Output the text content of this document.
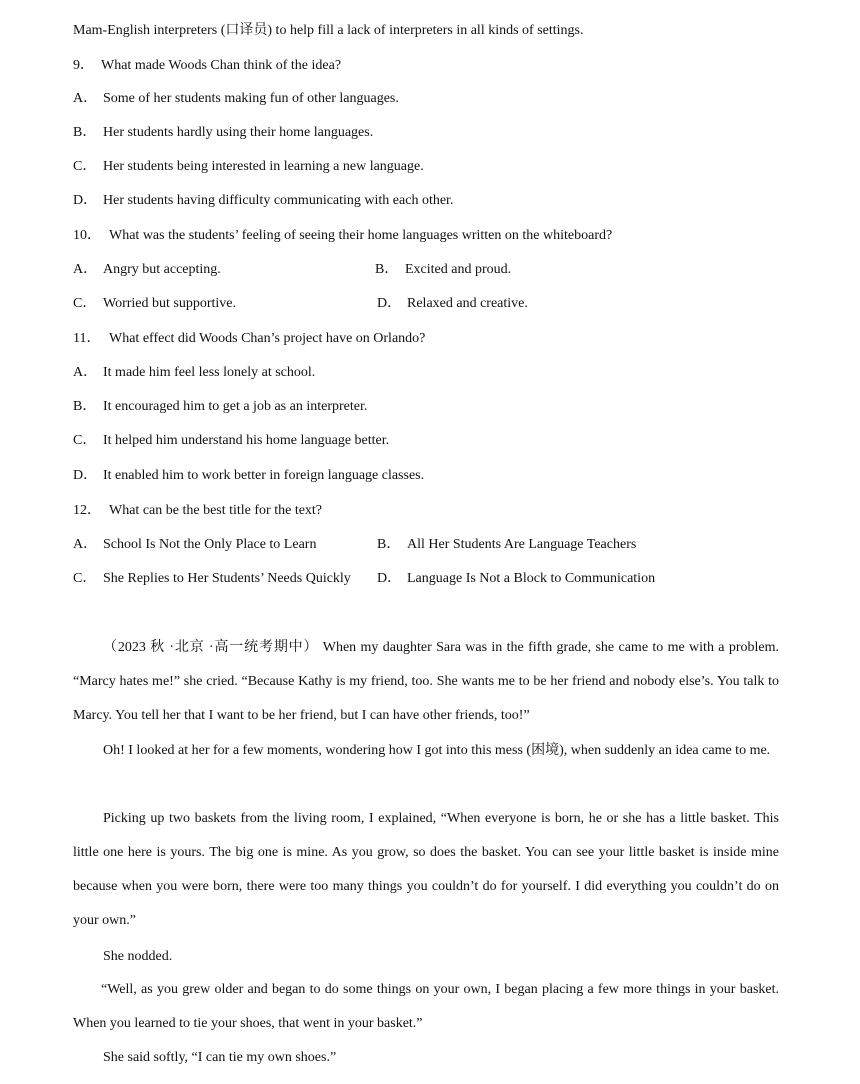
Mam-English interpreters (口译员) to help fill a lack of interpreters in all kinds of settings.
9． What made Woods Chan think of the idea?
A． Some of her students making fun of other languages.
B． Her students hardly using their home languages.
C． Her students being interested in learning a new language.
D． Her students having difficulty communicating with each other.
10． What was the students’ feeling of seeing their home languages written on the whiteboard?
A． Angry but accepting.	B． Excited and proud.
C． Worried but supportive.	D． Relaxed and creative.
11． What effect did Woods Chan’s project have on Orlando?
A． It made him feel less lonely at school.
B． It encouraged him to get a job as an interpreter.
C． It helped him understand his home language better.
D． It enabled him to work better in foreign language classes.
12． What can be the best title for the text?
A． School Is Not the Only Place to Learn	B． All Her Students Are Language Teachers
C． She Replies to Her Students’ Needs Quickly D． Language Is Not a Block to Communication
（2023 秋 ·北京 ·高一统考期中） When my daughter Sara was in the fifth grade, she came to me with a problem. “Marcy hates me!” she cried. “Because Kathy is my friend, too. She wants me to be her friend and nobody else’s. You talk to Marcy. You tell her that I want to be her friend, but I can have other friends, too!”
Oh! I looked at her for a few moments, wondering how I got into this mess (困境), when suddenly an idea came to me.
Picking up two baskets from the living room, I explained, “When everyone is born, he or she has a little basket. This little one here is yours. The big one is mine. As you grow, so does the basket. You can see your little basket is inside mine because when you were born, there were too many things you couldn’t do for yourself. I did everything you couldn’t do on your own.”
She nodded.
“Well, as you grew older and began to do some things on your own, I began placing a few more things in your basket. When you learned to tie your shoes, that went in your basket.”
She said softly, “I can tie my own shoes.”
